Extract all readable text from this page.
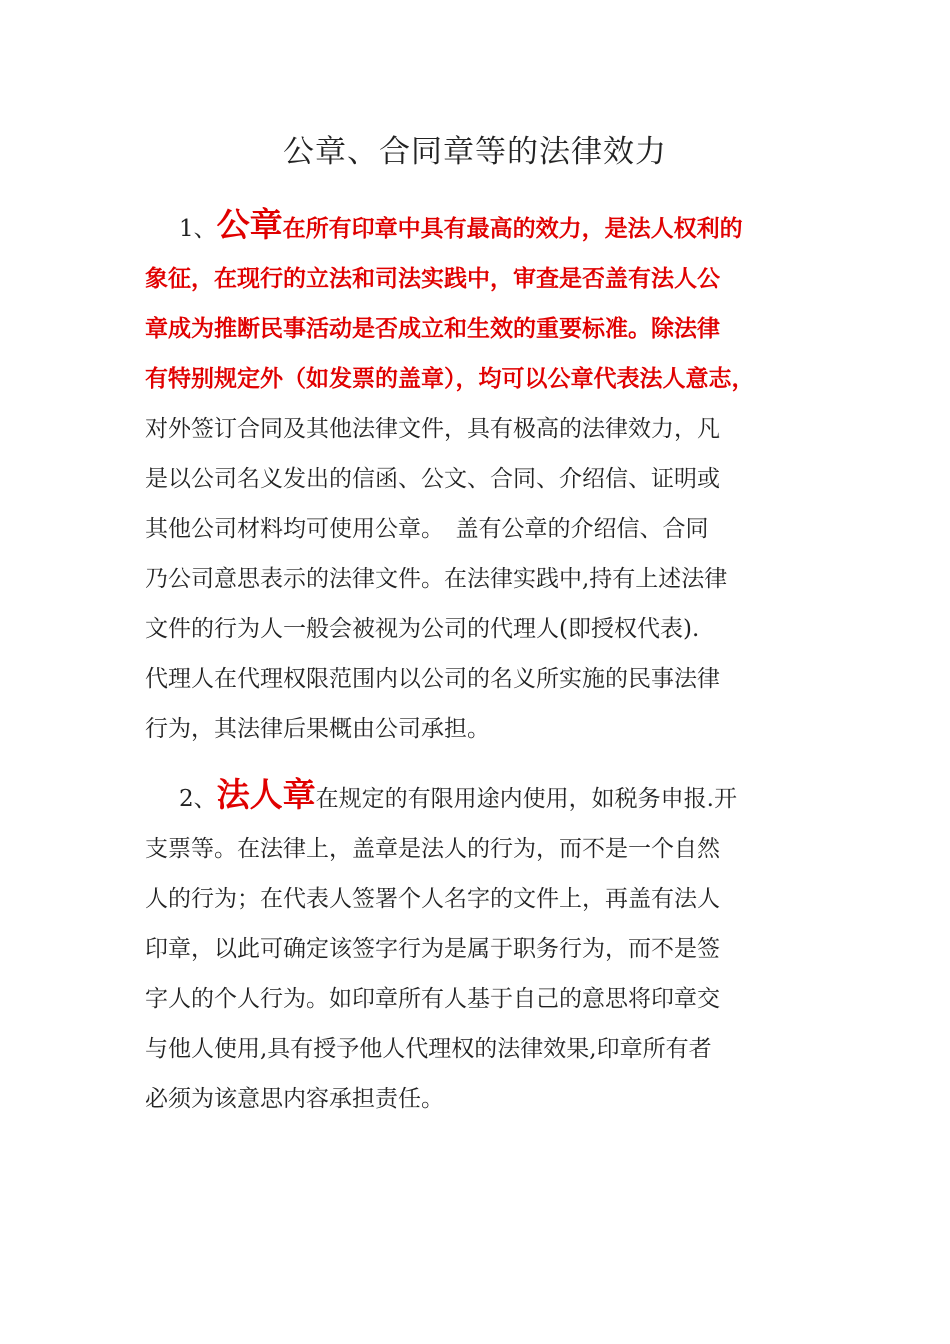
公章、合同章等的法律效力
1、公章在所有印章中具有最高的效力，是法人权利的
象征，在现行的立法和司法实践中，审查是否盖有法人公
章成为推断民事活动是否成立和生效的重要标准。除法律
有特别规定外（如发票的盖章），均可以公章代表法人意志，
对外签订合同及其他法律文件，具有极高的法律效力，凡
是以公司名义发出的信函、公文、合同、介绍信、证明或
其他公司材料均可使用公章。　盖有公章的介绍信、合同
乃公司意思表示的法律文件。在法律实践中,持有上述法律
文件的行为人一般会被视为公司的代理人(即授权代表).
代理人在代理权限范围内以公司的名义所实施的民事法律
行为，其法律后果概由公司承担。
2、法人章在规定的有限用途内使用，如税务申报.开
支票等。在法律上，盖章是法人的行为，而不是一个自然
人的行为；在代表人签署个人名字的文件上，再盖有法人
印章，以此可确定该签字行为是属于职务行为，而不是签
字人的个人行为。如印章所有人基于自己的意思将印章交
与他人使用,具有授予他人代理权的法律效果,印章所有者
必须为该意思内容承担责任。
